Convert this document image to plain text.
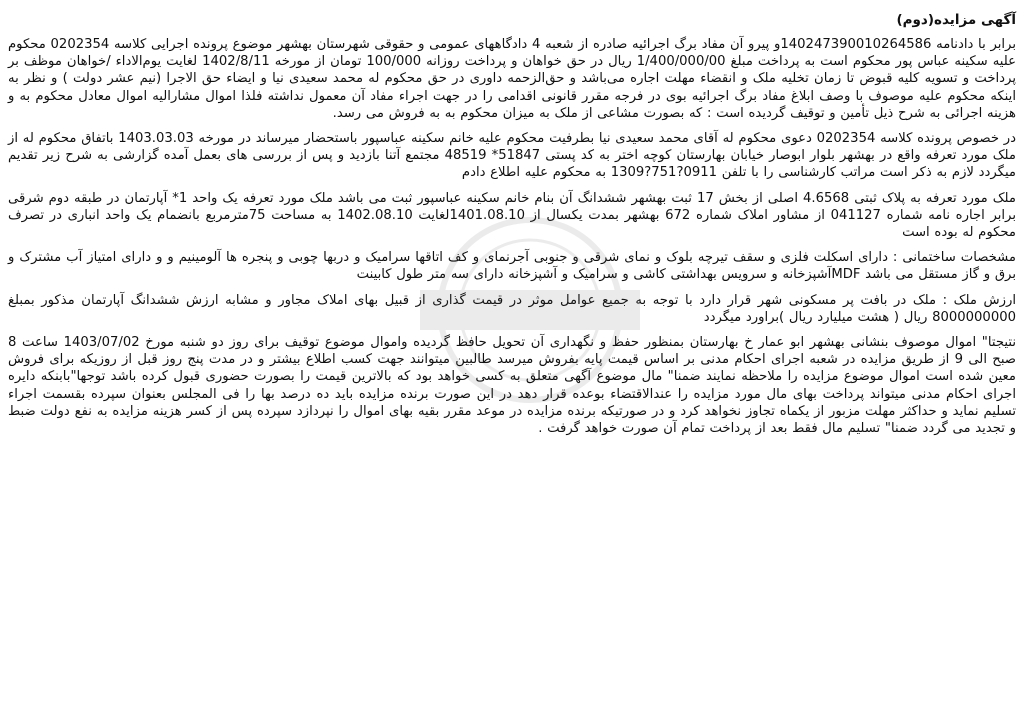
آگهی مزایده(دوم)

برابر با دادنامه 140247390010264586و پیرو آن مفاد برگ اجرائیه صادره از شعبه 4 دادگاههای عمومی و حقوقی شهرستان بهشهر موضوع پرونده اجرایی کلاسه 0202354 محکوم علیه سکینه عباس پور محکوم است به پرداخت مبلغ 1/400/000/00 ریال در حق خواهان و پرداخت روزانه 100/000 تومان از مورخه 1402/8/11 لغایت یوم‌الاداء /خواهان موظف بر پرداخت و تسویه کلیه قبوض تا زمان تخلیه ملک و انقضاء مهلت اجاره می‌باشد و حق‌الزحمه داوری در حق محکوم له محمد سعیدی نیا و ایضاء حق الاجرا (نیم عشر دولت ) و نظر به اینکه محکوم علیه موصوف با وصف ابلاغ مفاد برگ اجرائیه بوی در فرجه مقرر قانونی اقدامی را در جهت اجراء مفاد آن معمول نداشته فلذا اموال مشارالیه اموال معادل محکوم به و هزینه اجرائی به شرح ذیل تأمین و توقیف گردیده است : که بصورت مشاعی از ملک به میزان محکوم به به فروش می رسد.

در خصوص پرونده کلاسه 0202354 دعوی محکوم له آقای محمد سعیدی نیا بطرفیت محکوم علیه خانم سکینه عباسپور باستحضار میرساند در مورخه 1403.03.03 باتفاق محکوم له از ملک مورد تعرفه واقع در بهشهر بلوار ابوصار خیابان بهارستان کوچه اختر به کد پستی 51847* 48519 مجتمع آتنا بازدید و پس از بررسی های بعمل آمده گزارشی به شرح زیر تقدیم میگردد لازم به ذکر است مراتب کارشناسی را با تلفن 0911?751?1309 به محکوم علیه اطلاع دادم

ملک مورد تعرفه به پلاک ثبتی 4.6568 اصلی از بخش 17 ثبت بهشهر ششدانگ آن بنام خانم سکینه عباسپور ثبت می باشد ملک مورد تعرفه یک واحد 1* آپارتمان در طبقه دوم شرقی برابر اجاره نامه شماره 041127 از مشاور املاک شماره 672 بهشهر بمدت یکسال از 1401.08.10لغایت 1402.08.10 به مساحت 75مترمربع بانضمام یک واحد انباری در تصرف محکوم له بوده است

مشخصات ساختمانی : دارای اسکلت فلزی و سقف تیرچه بلوک و نمای شرقی و جنوبی آجرنمای و کف اتاقها سرامیک و دربها چوبی و پنجره ها آلومینیم و و دارای امتیاز آب مشترک و برق و گاز مستقل می باشد MDFآشپزخانه و سرویس بهداشتی کاشی و سرامیک و آشپزخانه دارای سه متر طول کابینت

ارزش ملک : ملک در بافت پر مسکونی شهر قرار دارد با توجه به جمیع عوامل موثر در قیمت گذاری از قبیل بهای املاک مجاور و مشابه ارزش ششدانگ آپارتمان مذکور بمبلغ 8000000000 ریال ( هشت میلیارد ریال )براورد میگردد

نتیجتا" اموال موصوف بنشانی بهشهر ابو عمار خ بهارستان بمنظور حفظ و نگهداری آن تحویل حافظ گردیده واموال موضوع توقیف برای روز دو شنبه مورخ 1403/07/02 ساعت 8 صبح الی 9 از طریق مزایده در شعبه اجرای احکام مدنی بر اساس قیمت پایه بفروش میرسد طالبین میتوانند جهت کسب اطلاع بیشتر و در مدت پنج روز قبل از روزیکه برای فروش معین شده است اموال موضوع مزایده را ملاحظه نمایند ضمنا" مال موضوع آگهی متعلق به کسی خواهد بود که بالاترین قیمت را بصورت حضوری قبول کرده باشد توجها"بابنکه دایره اجرای احکام مدنی میتواند پرداخت بهای مال مورد مزایده را عندالاقتضاء بوعده قرار دهد در این صورت برنده مزایده باید ده درصد بها را فی المجلس بعنوان سپرده بقسمت اجراء تسلیم نماید و حداکثر مهلت مزبور از یکماه تجاوز نخواهد کرد و در صورتیکه برنده مزایده در موعد مقرر بقیه بهای اموال را نپردازد سپرده پس از کسر هزینه مزایده به نفع دولت ضبط و تجدید می گردد ضمنا" تسلیم مال فقط بعد از پرداخت تمام آن صورت خواهد گرفت .
